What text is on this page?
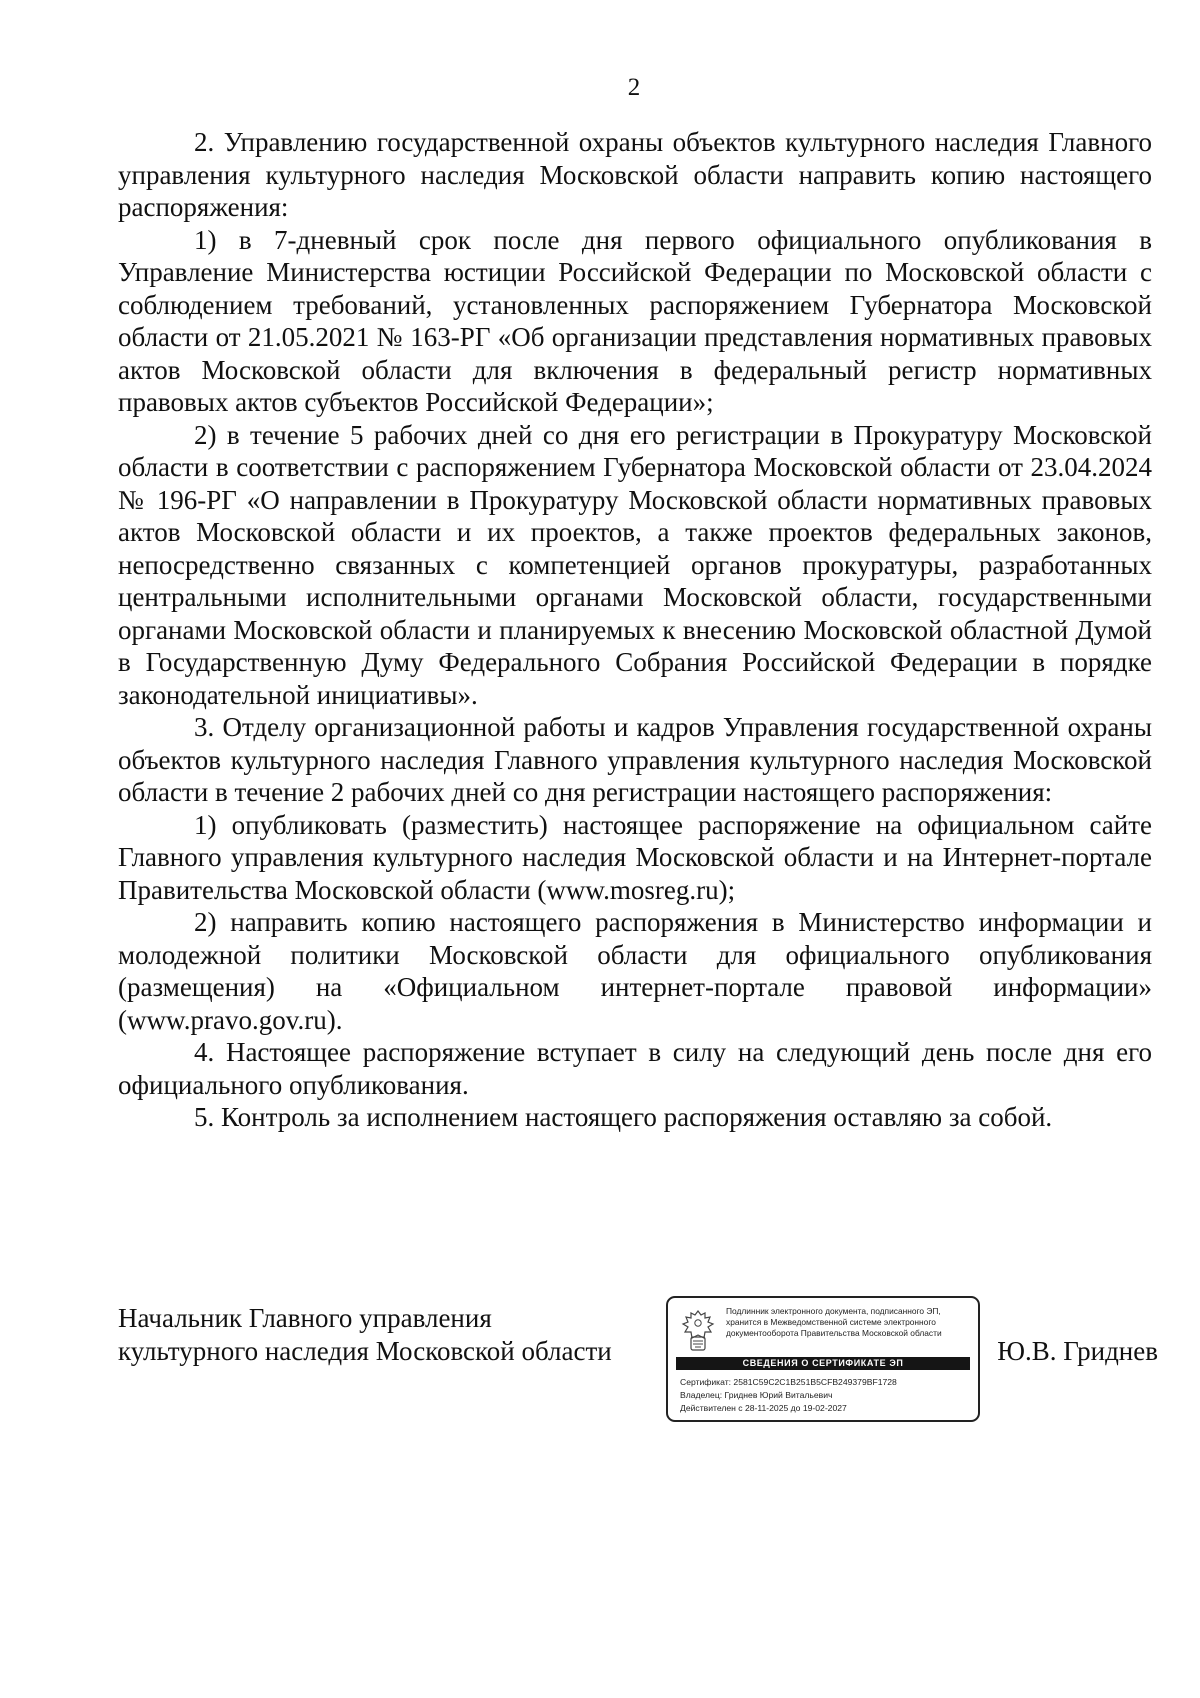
2

2. Управлению государственной охраны объектов культурного наследия Главного управления культурного наследия Московской области направить копию настоящего распоряжения:

1) в 7-дневный срок после дня первого официального опубликования в Управление Министерства юстиции Российской Федерации по Московской области с соблюдением требований, установленных распоряжением Губернатора Московской области от 21.05.2021 № 163-РГ «Об организации представления нормативных правовых актов Московской области для включения в федеральный регистр нормативных правовых актов субъектов Российской Федерации»;

2) в течение 5 рабочих дней со дня его регистрации в Прокуратуру Московской области в соответствии с распоряжением Губернатора Московской области от 23.04.2024 № 196-РГ «О направлении в Прокуратуру Московской области нормативных правовых актов Московской области и их проектов, а также проектов федеральных законов, непосредственно связанных с компетенцией органов прокуратуры, разработанных центральными исполнительными органами Московской области, государственными органами Московской области и планируемых к внесению Московской областной Думой в Государственную Думу Федерального Собрания Российской Федерации в порядке законодательной инициативы».

3. Отделу организационной работы и кадров Управления государственной охраны объектов культурного наследия Главного управления культурного наследия Московской области в течение 2 рабочих дней со дня регистрации настоящего распоряжения:

1) опубликовать (разместить) настоящее распоряжение на официальном сайте Главного управления культурного наследия Московской области и на Интернет-портале Правительства Московской области (www.mosreg.ru);

2) направить копию настоящего распоряжения в Министерство информации и молодежной политики Московской области для официального опубликования (размещения) на «Официальном интернет-портале правовой информации» (www.pravo.gov.ru).

4. Настоящее распоряжение вступает в силу на следующий день после дня его официального опубликования.

5. Контроль за исполнением настоящего распоряжения оставляю за собой.

Начальник Главного управления
культурного наследия Московской области
Подлинник электронного документа, подписанного ЭП,
хранится в Межведомственной системе электронного
документооборота Правительства Московской области
СВЕДЕНИЯ О СЕРТИФИКАТЕ ЭП
Сертификат: 2581C59C2C1B251B5CFB249379BF1728
Владелец: Гриднев Юрий Витальевич
Действителен с 28-11-2025 до 19-02-2027
Ю.В. Гриднев
